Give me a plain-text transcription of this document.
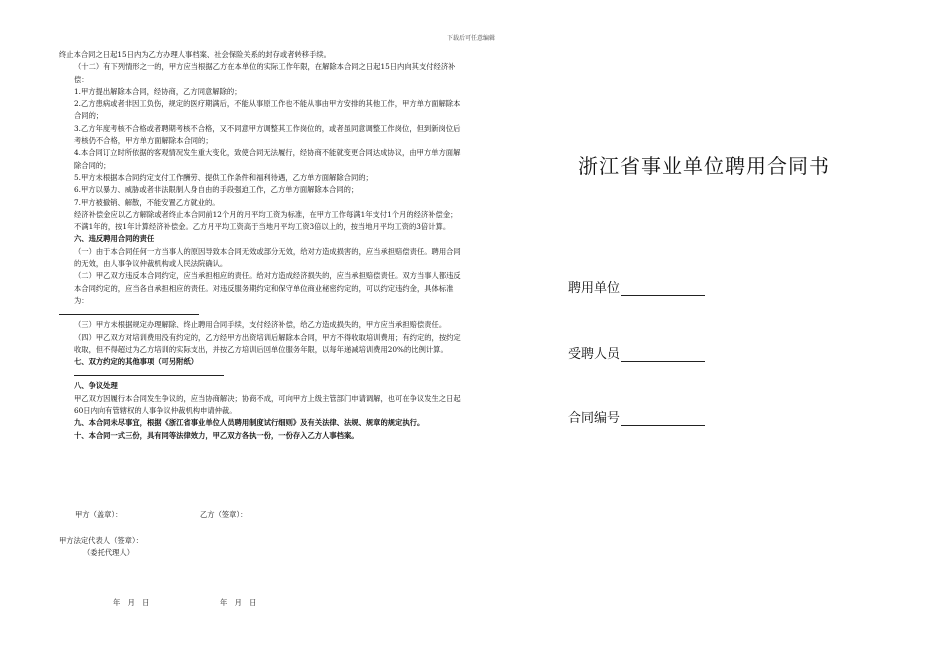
下载后可任意编辑

终止本合同之日起15日内为乙方办理人事档案、社会保险关系的封存或者转移手续。

（十二）有下列情形之一的，甲方应当根据乙方在本单位的实际工作年限，在解除本合同之日起15日内向其支付经济补偿：

1.甲方提出解除本合同，经协商，乙方同意解除的；

2.乙方患病或者非因工负伤，规定的医疗期满后，不能从事原工作也不能从事由甲方安排的其他工作，甲方单方面解除本合同的；

3.乙方年度考核不合格或者聘期考核不合格，又不同意甲方调整其工作岗位的，或者虽同意调整工作岗位，但到新岗位后考核仍不合格，甲方单方面解除本合同的；

4.本合同订立时所依据的客观情况发生重大变化，致使合同无法履行，经协商不能就变更合同达成协议，由甲方单方面解除合同的；

5.甲方未根据本合同约定支付工作酬劳、提供工作条件和福利待遇，乙方单方面解除合同的；

6.甲方以暴力、威胁或者非法限制人身自由的手段强迫工作，乙方单方面解除本合同的；

7.甲方被撤销、解散，不能安置乙方就业的。

经济补偿金应以乙方解除或者终止本合同前12个月的月平均工资为标准，在甲方工作每满1年支付1个月的经济补偿金；不满1年的，按1年计算经济补偿金。乙方月平均工资高于当地月平均工资3倍以上的，按当地月平均工资的3倍计算。

六、违反聘用合同的责任

（一）由于本合同任何一方当事人的原因导致本合同无效或部分无效，给对方造成损害的，应当承担赔偿责任。聘用合同的无效，由人事争议仲裁机构或人民法院确认。

（二）甲乙双方违反本合同约定，应当承担相应的责任。给对方造成经济损失的，应当承担赔偿责任。双方当事人都违反本合同约定的，应当各自承担相应的责任。对违反服务期约定和保守单位商业秘密约定的，可以约定违约金，具体标准为：

（三）甲方未根据规定办理解除、终止聘用合同手续，支付经济补偿，给乙方造成损失的，甲方应当承担赔偿责任。

（四）甲乙双方对培训费用没有约定的，乙方经甲方出资培训后解除本合同，甲方不得收取培训费用；有约定的，按约定收取，但不得超过为乙方培训的实际支出，并按乙方培训后回单位服务年限，以每年递减培训费用20%的比例计算。

七、双方约定的其他事项（可另附纸）

八、争议处理

甲乙双方因履行本合同发生争议的，应当协商解决；协商不成，可向甲方上级主管部门申请调解，也可在争议发生之日起60日内向有管辖权的人事争议仲裁机构申请仲裁。

九、本合同未尽事宜，根据《浙江省事业单位人员聘用制度试行细则》及有关法律、法规、规章的规定执行。

十、本合同一式三份，具有同等法律效力，甲乙双方各执一份，一份存入乙方人事档案。

甲方（盖章）：	乙方（签章）：
甲方法定代表人（签章）：
（委托代理人）
年　月　日	年　月　日
浙江省事业单位聘用合同书
聘用单位
受聘人员
合同编号
